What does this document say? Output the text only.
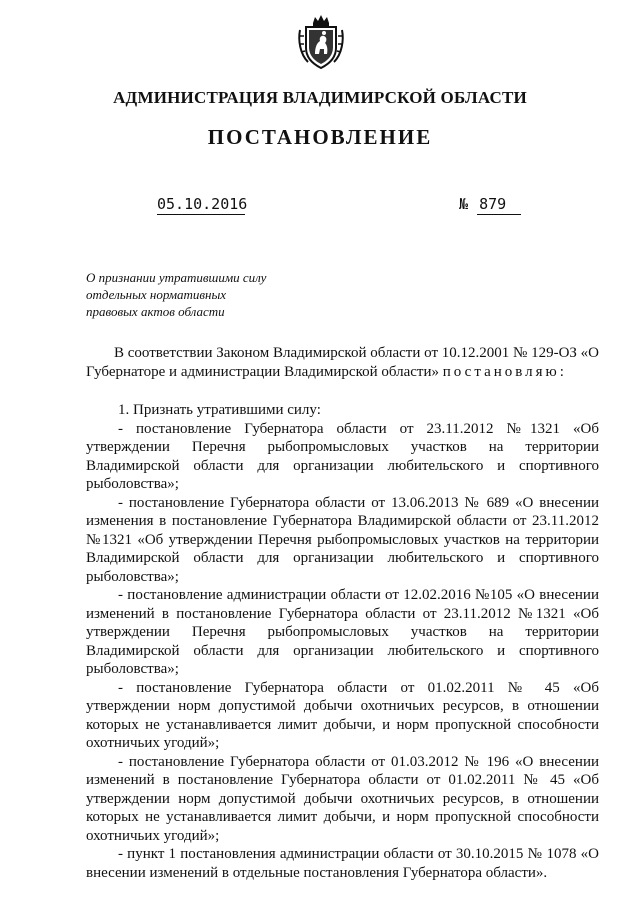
АДМИНИСТРАЦИЯ ВЛАДИМИРСКОЙ ОБЛАСТИ
ПОСТАНОВЛЕНИЕ
05.10.2016	№ 879
О признании утратившими силу
отдельных нормативных
правовых актов области

В соответствии Законом Владимирской области от 10.12.2001 № 129-ОЗ «О Губернаторе и администрации Владимирской области» постановляю:

1. Признать утратившими силу:

- постановление Губернатора области от 23.11.2012 №1321 «Об утверждении Перечня рыбопромысловых участков на территории Владимирской области для организации любительского и спортивного рыболовства»;

- постановление Губернатора области от 13.06.2013 № 689 «О внесении изменения в постановление Губернатора Владимирской области от 23.11.2012 №1321 «Об утверждении Перечня рыбопромысловых участков на территории Владимирской области для организации любительского и спортивного рыболовства»;

- постановление администрации области от 12.02.2016 №105 «О внесении изменений в постановление Губернатора области от 23.11.2012 №1321 «Об утверждении Перечня рыбопромысловых участков на территории Владимирской области для организации любительского и спортивного рыболовства»;

- постановление Губернатора области от 01.02.2011 № 45 «Об утверждении норм допустимой добычи охотничьих ресурсов, в отношении которых не устанавливается лимит добычи, и норм пропускной способности охотничьих угодий»;

- постановление Губернатора области от 01.03.2012 № 196 «О внесении изменений в постановление Губернатора области от 01.02.2011 № 45 «Об утверждении норм допустимой добычи охотничьих ресурсов, в отношении которых не устанавливается лимит добычи, и норм пропускной способности охотничьих угодий»;

- пункт 1 постановления администрации области от 30.10.2015 № 1078 «О внесении изменений в отдельные постановления Губернатора области».
